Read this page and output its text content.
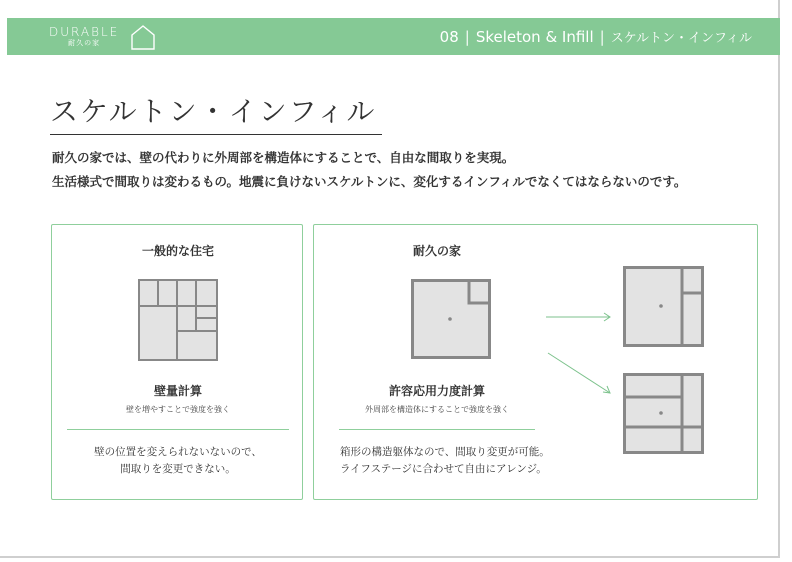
DURABLE
耐久の家	08 | Skeleton & Infill | スケルトン・インフィル
スケルトン・インフィル
耐久の家では、壁の代わりに外周部を構造体にすることで、自由な間取りを実現。
生活様式で間取りは変わるもの。地震に負けないスケルトンに、変化するインフィルでなくてはならないのです。
一般的な住宅
壁量計算
壁を増やすことで強度を強く
壁の位置を変えられないないので、
間取りを変更できない。
耐久の家
許容応用力度計算
外周部を構造体にすることで強度を強く
箱形の構造躯体なので、間取り変更が可能。
ライフステージに合わせて自由にアレンジ。
